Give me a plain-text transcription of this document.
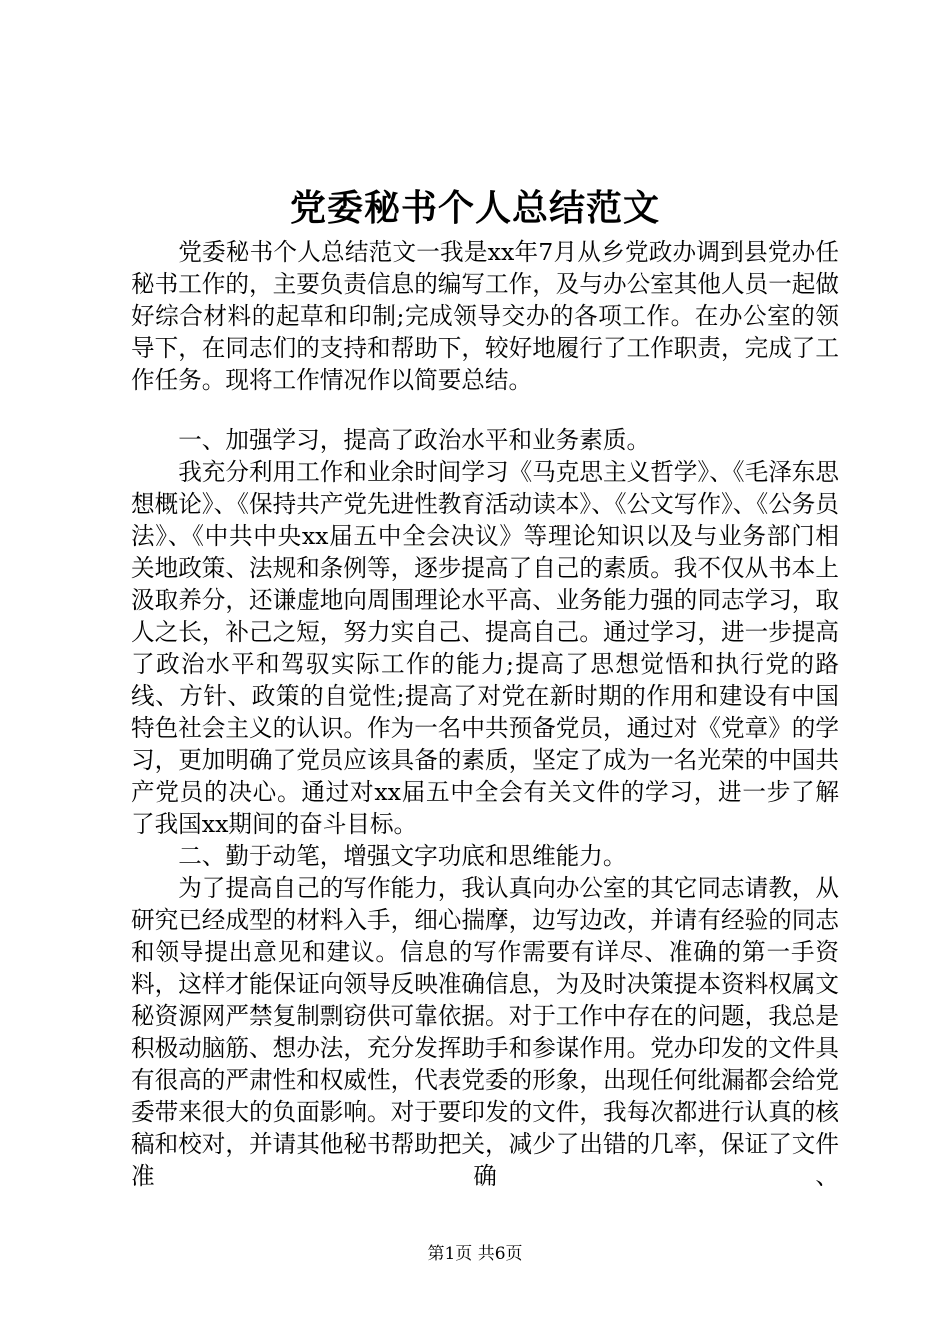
党委秘书个人总结范文

党委秘书个人总结范文一我是xx年7月从乡党政办调到县党办任秘书工作的，主要负责信息的编写工作，及与办公室其他人员一起做好综合材料的起草和印制;完成领导交办的各项工作。在办公室的领导下，在同志们的支持和帮助下，较好地履行了工作职责，完成了工作任务。现将工作情况作以简要总结。

一、加强学习，提高了政治水平和业务素质。

我充分利用工作和业余时间学习《马克思主义哲学》、《毛泽东思想概论》、《保持共产党先进性教育活动读本》、《公文写作》、《公务员法》、《中共中央xx届五中全会决议》等理论知识以及与业务部门相关地政策、法规和条例等，逐步提高了自己的素质。我不仅从书本上汲取养分，还谦虚地向周围理论水平高、业务能力强的同志学习，取人之长，补己之短，努力实自己、提高自己。通过学习，进一步提高了政治水平和驾驭实际工作的能力;提高了思想觉悟和执行党的路线、方针、政策的自觉性;提高了对党在新时期的作用和建设有中国特色社会主义的认识。作为一名中共预备党员，通过对《党章》的学习，更加明确了党员应该具备的素质，坚定了成为一名光荣的中国共产党员的决心。通过对xx届五中全会有关文件的学习，进一步了解了我国xx期间的奋斗目标。

二、勤于动笔，增强文字功底和思维能力。

为了提高自己的写作能力，我认真向办公室的其它同志请教，从研究已经成型的材料入手，细心揣摩，边写边改，并请有经验的同志和领导提出意见和建议。信息的写作需要有详尽、准确的第一手资料，这样才能保证向领导反映准确信息，为及时决策提本资料权属文秘资源网严禁复制剽窃供可靠依据。对于工作中存在的问题，我总是积极动脑筋、想办法，充分发挥助手和参谋作用。党办印发的文件具有很高的严肃性和权威性，代表党委的形象，出现任何纰漏都会给党委带来很大的负面影响。对于要印发的文件，我每次都进行认真的核稿和校对，并请其他秘书帮助把关，减少了出错的几率，保证了文件准确、

第1页 共6页
